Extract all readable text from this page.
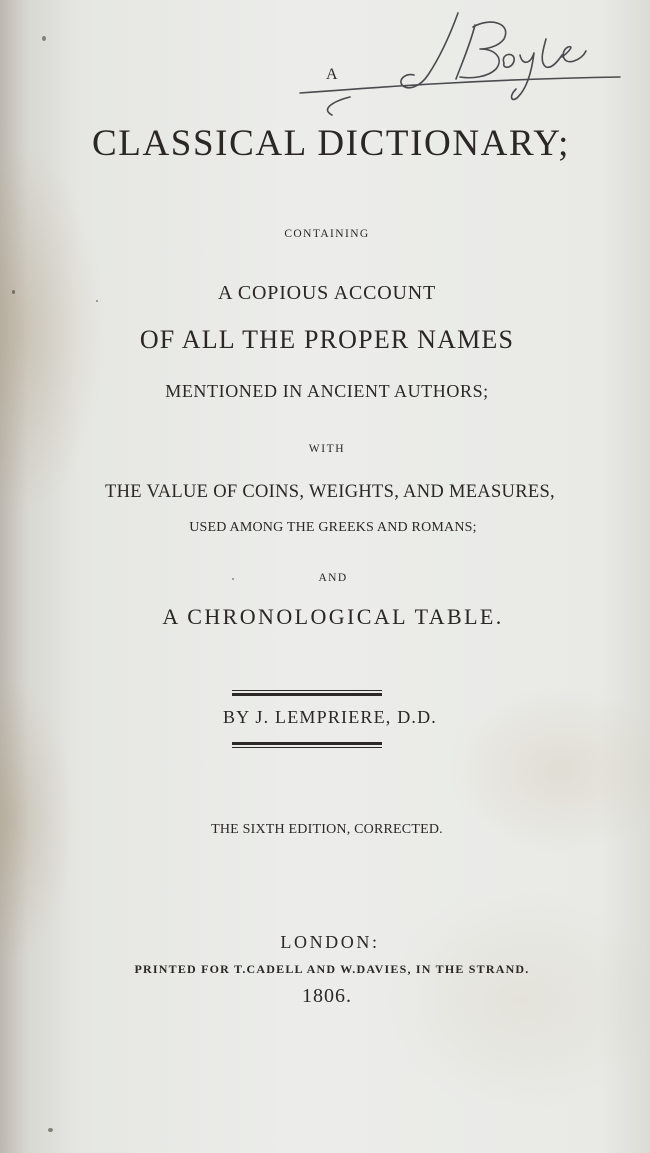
A
CLASSICAL DICTIONARY;
CONTAINING
A COPIOUS ACCOUNT
OF ALL THE PROPER NAMES
MENTIONED IN ANCIENT AUTHORS;
WITH
THE VALUE OF COINS, WEIGHTS, AND MEASURES,
USED AMONG THE GREEKS AND ROMANS;
AND
A CHRONOLOGICAL TABLE.
BY J. LEMPRIERE, D.D.
THE SIXTH EDITION, CORRECTED.
LONDON:
PRINTED FOR T.CADELL AND W.DAVIES, IN THE STRAND.
1806.
